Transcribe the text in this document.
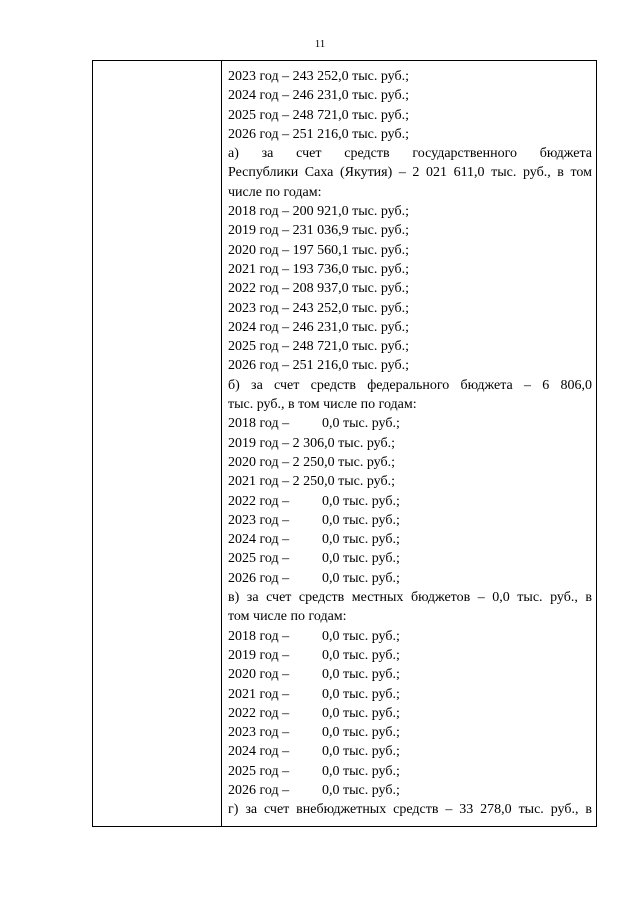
11
2023 год – 243 252,0 тыс. руб.;
2024 год – 246 231,0 тыс. руб.;
2025 год – 248 721,0 тыс. руб.;
2026 год – 251 216,0 тыс. руб.;
а) за счет средств государственного бюджета
Республики Саха (Якутия) – 2 021 611,0 тыс. руб., в том
числе по годам:
2018 год – 200 921,0 тыс. руб.;
2019 год – 231 036,9 тыс. руб.;
2020 год – 197 560,1 тыс. руб.;
2021 год – 193 736,0 тыс. руб.;
2022 год – 208 937,0 тыс. руб.;
2023 год – 243 252,0 тыс. руб.;
2024 год – 246 231,0 тыс. руб.;
2025 год – 248 721,0 тыс. руб.;
2026 год – 251 216,0 тыс. руб.;
б) за счет средств федерального бюджета – 6 806,0
тыс. руб., в том числе по годам:
2018 год – 0,0 тыс. руб.;
2019 год – 2 306,0 тыс. руб.;
2020 год – 2 250,0 тыс. руб.;
2021 год – 2 250,0 тыс. руб.;
2022 год – 0,0 тыс. руб.;
2023 год – 0,0 тыс. руб.;
2024 год – 0,0 тыс. руб.;
2025 год – 0,0 тыс. руб.;
2026 год – 0,0 тыс. руб.;
в) за счет средств местных бюджетов – 0,0 тыс. руб., в
том числе по годам:
2018 год – 0,0 тыс. руб.;
2019 год – 0,0 тыс. руб.;
2020 год – 0,0 тыс. руб.;
2021 год – 0,0 тыс. руб.;
2022 год – 0,0 тыс. руб.;
2023 год – 0,0 тыс. руб.;
2024 год – 0,0 тыс. руб.;
2025 год – 0,0 тыс. руб.;
2026 год – 0,0 тыс. руб.;
г) за счет внебюджетных средств – 33 278,0 тыс. руб., в
